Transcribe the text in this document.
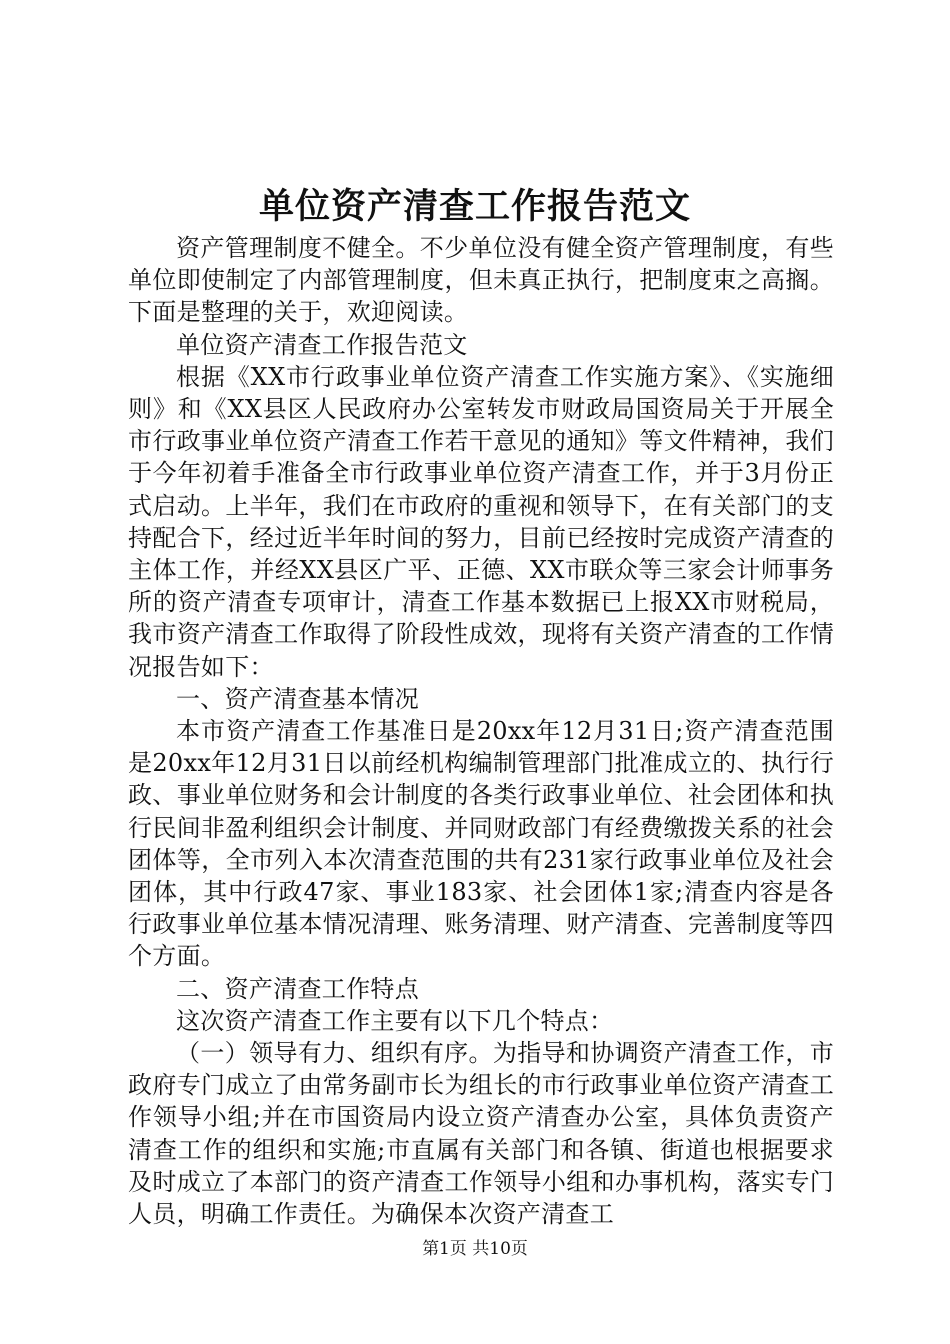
单位资产清查工作报告范文

资产管理制度不健全。不少单位没有健全资产管理制度，有些单位即使制定了内部管理制度，但未真正执行，把制度束之高搁。下面是整理的关于，欢迎阅读。

单位资产清查工作报告范文

根据《XX市行政事业单位资产清查工作实施方案》、《实施细则》和《XX县区人民政府办公室转发市财政局国资局关于开展全市行政事业单位资产清查工作若干意见的通知》等文件精神，我们于今年初着手准备全市行政事业单位资产清查工作，并于3月份正式启动。上半年，我们在市政府的重视和领导下，在有关部门的支持配合下，经过近半年时间的努力，目前已经按时完成资产清查的主体工作，并经XX县区广平、正德、XX市联众等三家会计师事务所的资产清查专项审计，清查工作基本数据已上报XX市财税局，我市资产清查工作取得了阶段性成效，现将有关资产清查的工作情况报告如下：

一、资产清查基本情况

本市资产清查工作基准日是20xx年12月31日;资产清查范围是20xx年12月31日以前经机构编制管理部门批准成立的、执行行政、事业单位财务和会计制度的各类行政事业单位、社会团体和执行民间非盈利组织会计制度、并同财政部门有经费缴拨关系的社会团体等，全市列入本次清查范围的共有231家行政事业单位及社会团体，其中行政47家、事业183家、社会团体1家;清查内容是各行政事业单位基本情况清理、账务清理、财产清查、完善制度等四个方面。

二、资产清查工作特点

这次资产清查工作主要有以下几个特点：

（一）领导有力、组织有序。为指导和协调资产清查工作，市政府专门成立了由常务副市长为组长的市行政事业单位资产清查工作领导小组;并在市国资局内设立资产清查办公室，具体负责资产清查工作的组织和实施;市直属有关部门和各镇、街道也根据要求及时成立了本部门的资产清查工作领导小组和办事机构，落实专门人员，明确工作责任。为确保本次资产清查工

第1页 共10页
